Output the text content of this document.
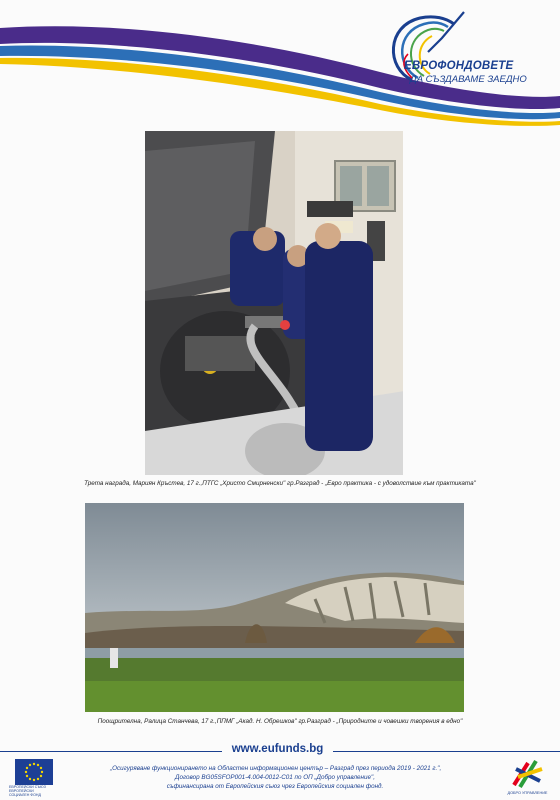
ЕВРОФОНДОВЕТЕ
ДА СЪЗДАВАМЕ ЗАЕДНО
Трета награда, Мариян Кръстев, 17 г.,ПТГС „Христо Смирненски" гр.Разград - „Евро практика - с удоволствие към практиката"
Поощрителна, Ралица Станчева, 17 г.,ППМГ „Акад. Н. Обрешков" гр.Разград - „Природните и човешки творения в едно"
www.eufunds.bg
ЕВРОПЕЙСКИ СЪЮЗ
ЕВРОПЕЙСКИ
СОЦИАЛЕН ФОНД
„Осигуряване функционирането на Областен информационен център – Разград през периода 2019 - 2021 г.",
Договор BG05SFOP001-4.004-0012-С01 по ОП „Добро управление",
съфинансирана от Европейския съюз чрез Европейския социален фонд.
ДОБРО УПРАВЛЕНИЕ
